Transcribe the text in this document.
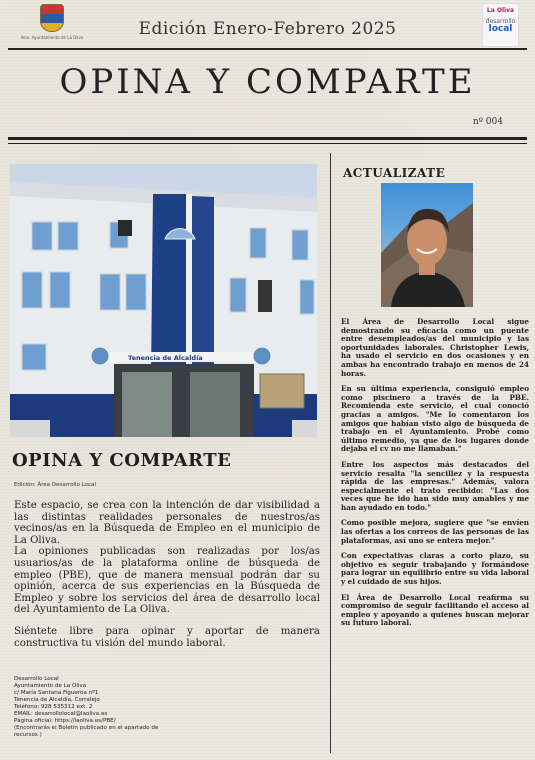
Ilmo. Ayuntamiento de La Oliva	Edición Enero-Febrero 2025
La Oliva
desarrollo
local
OPINA Y COMPARTE
nº 004
Tenencia de Alcaldía
OPINA Y COMPARTE
Edición: Área Desarrollo Local

Este espacio, se crea con la intención de dar visibilidad a las distintas realidades personales de nuestros/as vecinos/as en la Búsqueda de Empleo en el municipio de La Oliva.

La opiniones publicadas son realizadas por los/as usuarios/as de la plataforma online de búsqueda de empleo (PBE), que de manera mensual podrán dar su opinión, acerca de sus experiencias en la Búsqueda de Empleo y sobre los servicios del área de desarrollo local del Ayuntamiento de La Oliva.

Siéntete libre para opinar y aportar de manera constructiva tu visión del mundo laboral.

Desarrollo Local
Ayuntamiento de La Oliva
c/ María Santana Figueroa nº1
Tenencia de Alcaldía, Corralejo
Teléfono: 928 535312 ext. 2
EMAIL: desarrollolocal@laoliva.es
Página oficial: https://laoliva.es/PBE/
(Encontrarás el Boletín publicado en el apartado de
recursos )
ACTUALIZATE

El Área de Desarrollo Local sigue demostrando su eficacia como un puente entre desempleados/as del municipio y las oportunidades laborales. Christopher Lewis, ha usado el servicio en dos ocasiones y en ambas ha encontrado trabajo en menos de 24 horas.

En su última experiencia, consiguió empleo como piscinero a través de la PBE. Recomienda este servicio, el cual conoció gracias a amigos. "Me lo comentaron los amigos que habían visto algo de búsqueda de trabajo en el Ayuntamiento. Probé como último remedio, ya que de los lugares donde dejaba el cv no me llamaban."

Entre los aspectos más destacados del servicio resalta "la sencillez y la respuesta rápida de las empresas." Además, valora especialmente el trato recibido: "Las dos veces que he ido han sido muy amables y me han ayudado en todo."

Como posible mejora, sugiere que "se envíen las ofertas a los correos de las personas de las plataformas, así uno se entera mejor."

Con expectativas claras a corto plazo, su objetivo es seguir trabajando y formándose para lograr un equilibrio entre su vida laboral y el cuidado de sus hijos.

El Área de Desarrollo Local reafirma su compromiso de seguir facilitando el acceso al empleo y apoyando a quienes buscan mejorar su futuro laboral.
